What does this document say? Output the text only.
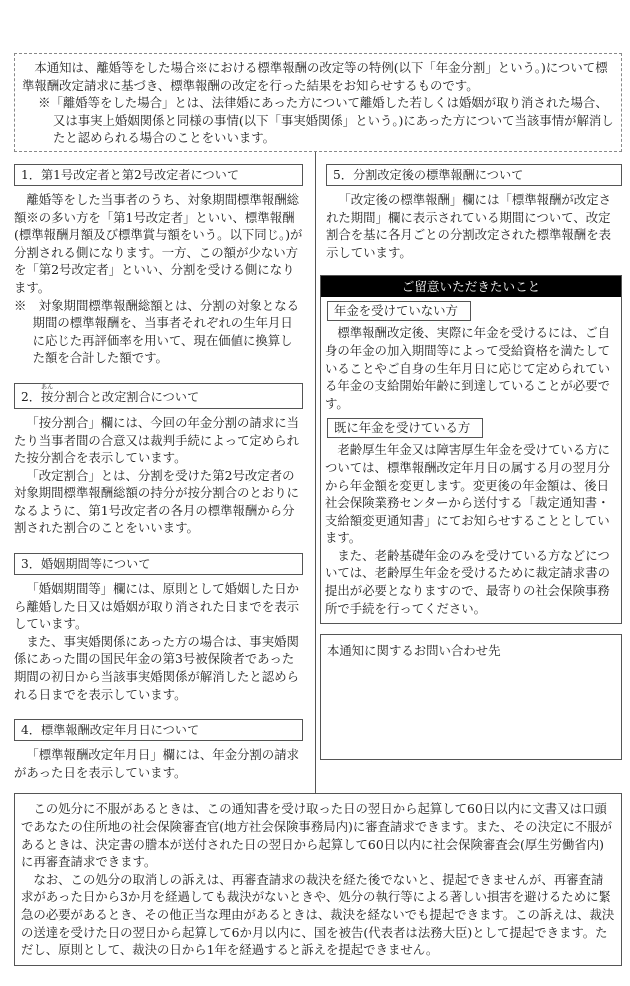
本通知は、離婚等をした場合※における標準報酬の改定等の特例(以下「年金分割」という。)について標準報酬改定請求に基づき、標準報酬の改定を行った結果をお知らせするものです。

※「離婚等をした場合」とは、法律婚にあった方について離婚した若しくは婚姻が取り消された場合、又は事実上婚姻関係と同様の事情(以下「事実婚関係」という。)にあった方について当該事情が解消したと認められる場合のことをいいます。

1．第1号改定者と第2号改定者について

離婚等をした当事者のうち、対象期間標準報酬総額※の多い方を「第1号改定者」といい、標準報酬(標準報酬月額及び標準賞与額をいう。以下同じ。)が分割される側になります。一方、この額が少ない方を「第2号改定者」といい、分割を受ける側になります。

※　対象期間標準報酬総額とは、分割の対象となる期間の標準報酬を、当事者それぞれの生年月日に応じた再評価率を用いて、現在価値に換算した額を合計した額です。

2．按あん分割合と改定割合について

「按分割合」欄には、今回の年金分割の請求に当たり当事者間の合意又は裁判手続によって定められた按分割合を表示しています。

「改定割合」とは、分割を受けた第2号改定者の対象期間標準報酬総額の持分が按分割合のとおりになるように、第1号改定者の各月の標準報酬から分割された割合のことをいいます。

3．婚姻期間等について

「婚姻期間等」欄には、原則として婚姻した日から離婚した日又は婚姻が取り消された日までを表示しています。

また、事実婚関係にあった方の場合は、事実婚関係にあった間の国民年金の第3号被保険者であった期間の初日から当該事実婚関係が解消したと認められる日までを表示しています。

4．標準報酬改定年月日について

「標準報酬改定年月日」欄には、年金分割の請求があった日を表示しています。

5．分割改定後の標準報酬について

「改定後の標準報酬」欄には「標準報酬が改定された期間」欄に表示されている期間について、改定割合を基に各月ごとの分割改定された標準報酬を表示しています。

ご留意いただきたいこと
年金を受けていない方

標準報酬改定後、実際に年金を受けるには、ご自身の年金の加入期間等によって受給資格を満たしていることやご自身の生年月日に応じて定められている年金の支給開始年齢に到達していることが必要です。

既に年金を受けている方

老齢厚生年金又は障害厚生年金を受けている方については、標準報酬改定年月日の属する月の翌月分から年金額を変更します。変更後の年金額は、後日社会保険業務センターから送付する「裁定通知書・支給額変更通知書」にてお知らせすることとしています。

また、老齢基礎年金のみを受けている方などについては、老齢厚生年金を受けるために裁定請求書の提出が必要となりますので、最寄りの社会保険事務所で手続を行ってください。

本通知に関するお問い合わせ先

この処分に不服があるときは、この通知書を受け取った日の翌日から起算して60日以内に文書又は口頭であなたの住所地の社会保険審査官(地方社会保険事務局内)に審査請求できます。また、その決定に不服があるときは、決定書の謄本が送付された日の翌日から起算して60日以内に社会保険審査会(厚生労働省内)に再審査請求できます。

なお、この処分の取消しの訴えは、再審査請求の裁決を経た後でないと、提起できませんが、再審査請求があった日から3か月を経過しても裁決がないときや、処分の執行等による著しい損害を避けるために緊急の必要があるとき、その他正当な理由があるときは、裁決を経ないでも提起できます。この訴えは、裁決の送達を受けた日の翌日から起算して6か月以内に、国を被告(代表者は法務大臣)として提起できます。ただし、原則として、裁決の日から1年を経過すると訴えを提起できません。
